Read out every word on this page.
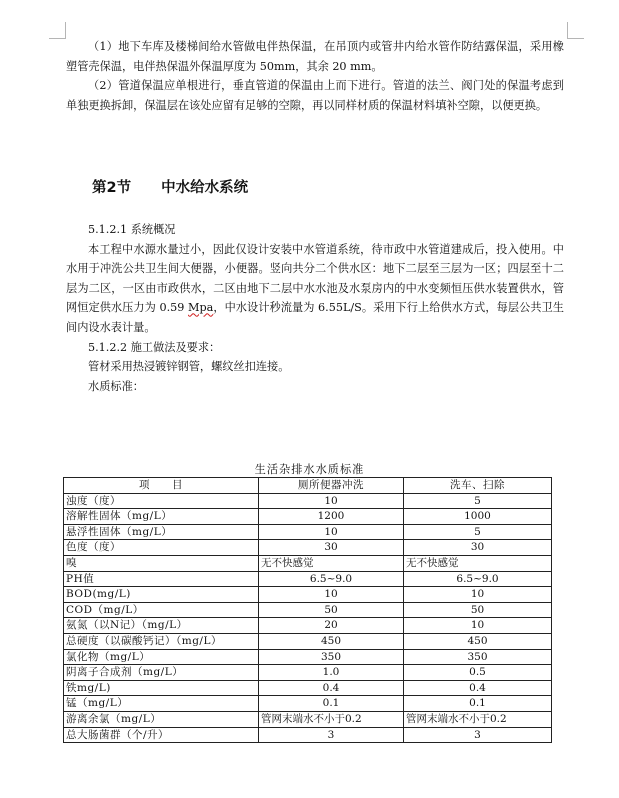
（1）地下车库及楼梯间给水管做电伴热保温，在吊顶内或管井内给水管作防结露保温，采用橡塑管壳保温，电伴热保温外保温厚度为 50mm，其余 20 mm。

（2）管道保温应单根进行，垂直管道的保温由上而下进行。管道的法兰、阀门处的保温考虑到单独更换拆卸，保温层在该处应留有足够的空隙，再以同样材质的保温材料填补空隙，以便更换。

第2节 中水给水系统

5.1.2.1 系统概况

本工程中水源水量过小，因此仅设计安装中水管道系统，待市政中水管道建成后，投入使用。中水用于冲洗公共卫生间大便器，小便器。竖向共分二个供水区：地下二层至三层为一区；四层至十二层为二区，一区由市政供水，二区由地下二层中水水池及水泵房内的中水变频恒压供水装置供水，管网恒定供水压力为 0.59 Mpa，中水设计秒流量为 6.55L/S。采用下行上给供水方式，每层公共卫生间内设水表计量。

5.1.2.2 施工做法及要求：

管材采用热浸镀锌钢管，螺纹丝扣连接。

水质标准：

生活杂排水水质标准
项　　目	厕所便器冲洗	洗车、扫除
浊度（度）	10	5
溶解性固体（mg/L）	1200	1000
悬浮性固体（mg/L）	10	5
色度（度）	30	30
嗅	无不快感觉	无不快感觉
PH值	6.5~9.0	6.5~9.0
BOD(mg/L)	10	10
COD（mg/L）	50	50
氨氮（以N记）（mg/L）	20	10
总硬度（以碳酸钙记）（mg/L）	450	450
氯化物（mg/L）	350	350
阴离子合成剂（mg/L）	1.0	0.5
铁mg/L)	0.4	0.4
锰（mg/L）	0.1	0.1
游离余氯（mg/L）	管网末端水不小于0.2	管网末端水不小于0.2
总大肠菌群（个/升）	3	3
